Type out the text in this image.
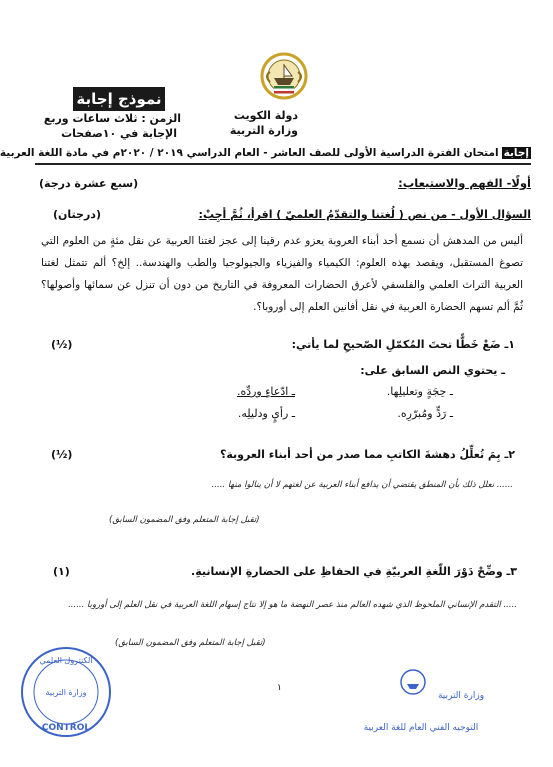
نموذج إجابة
دولة الكويت
وزارة التربية
الزمن : ثلاث ساعات وربع
الإجابة في ١٠صفحات
إجابةامتحان الفترة الدراسية الأولى للصف العاشر - العام الدراسي ٢٠١٩ / ٢٠٢٠م في مادة اللغة العربية
أولًا- الفهم والاستيعاب:
(سبع عشرة درجة)
السؤال الأول - من نص ( لُغتنا والتقدّمُ العلميّ ) اقرأ، ثُمَّ أجِبْ:
(درجتان)
أليس من المدهش أن نسمع أحد أبناء العروبة يعزو عدم رقينا إلى عجز لغتنا العربية عن نقل مئةٍ من العلوم التي تصوغ المستقبل، ويقصد بهذه العلوم: الكيمياء والفيزياء والجيولوجيا والطب والهندسة.. إلخ؟ ألم تتمثل لغتنا العربية التراث العلمي والفلسفي لأعرق الحضارات المعروفة في التاريخ من دون أن تنزل عن سمائها وأصولها؟ ثُمَّ ألم تسهم الحضارة العربية في نقل أفانين العلم إلى أوروبا؟.
١ـ ضَعْ خَطًّا تحتَ المُكمّلِ الصّحيحِ لما يأتي:
(½)
ـ يحتوي النص السابق على:
ـ حِجَةٍ وتعليلِها.
ـ ادّعاءٍ وردِّه.
ـ رَدٍّ ومُبرّرِه.
ـ رأيٍ ودليلِه.
٢ـ بِمَ تُعلِّلُ دهشةَ الكاتبِ مما صدر من أحد أبناء العروبة؟
(½)
...... نعلل ذلك بأن المنطق يقتضي أن يدافع أبناء العربية عن لغتهم لا أن ينالوا منها .....
(تقبل إجابة المتعلم وفق المضمون السابق)
٣ـ وضِّحْ دَوْرَ اللّغةِ العربيّةِ في الحفاظِ على الحضارةِ الإنسانيةِ.
(١)
..... التقدم الإنساني الملحوظ الذي شهده العالم منذ عصر النهضة ما هو إلا نتاج إسهام اللغة العربية في نقل العلم إلى أوروبا ......
(تقبل إجابة المتعلم وفق المضمون السابق)
١
الكنترول العلمي
وزارة التربية
CONTROL
وزارة التربية
التوجيه الفني العام للغة العربية
